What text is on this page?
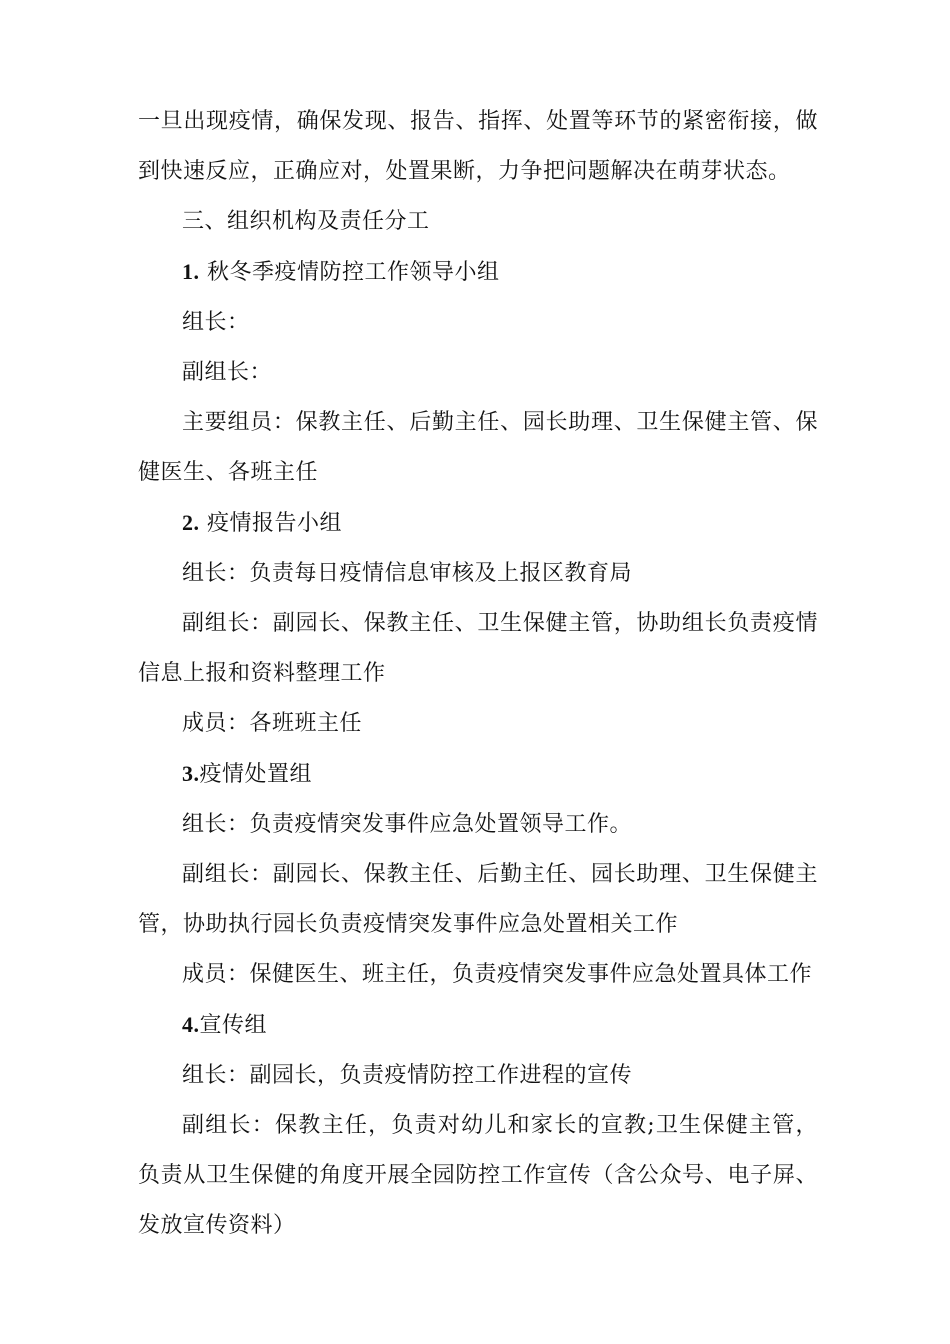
一旦出现疫情，确保发现、报告、指挥、处置等环节的紧密衔接，做到快速反应，正确应对，处置果断，力争把问题解决在萌芽状态。

三、组织机构及责任分工

1. 秋冬季疫情防控工作领导小组

组长：

副组长：

主要组员：保教主任、后勤主任、园长助理、卫生保健主管、保健医生、各班主任

2. 疫情报告小组

组长：负责每日疫情信息审核及上报区教育局

副组长：副园长、保教主任、卫生保健主管，协助组长负责疫情信息上报和资料整理工作

成员：各班班主任

3.疫情处置组

组长：负责疫情突发事件应急处置领导工作。

副组长：副园长、保教主任、后勤主任、园长助理、卫生保健主管，协助执行园长负责疫情突发事件应急处置相关工作

成员：保健医生、班主任，负责疫情突发事件应急处置具体工作

4.宣传组

组长：副园长，负责疫情防控工作进程的宣传

副组长：保教主任，负责对幼儿和家长的宣教;卫生保健主管，负责从卫生保健的角度开展全园防控工作宣传（含公众号、电子屏、发放宣传资料）
